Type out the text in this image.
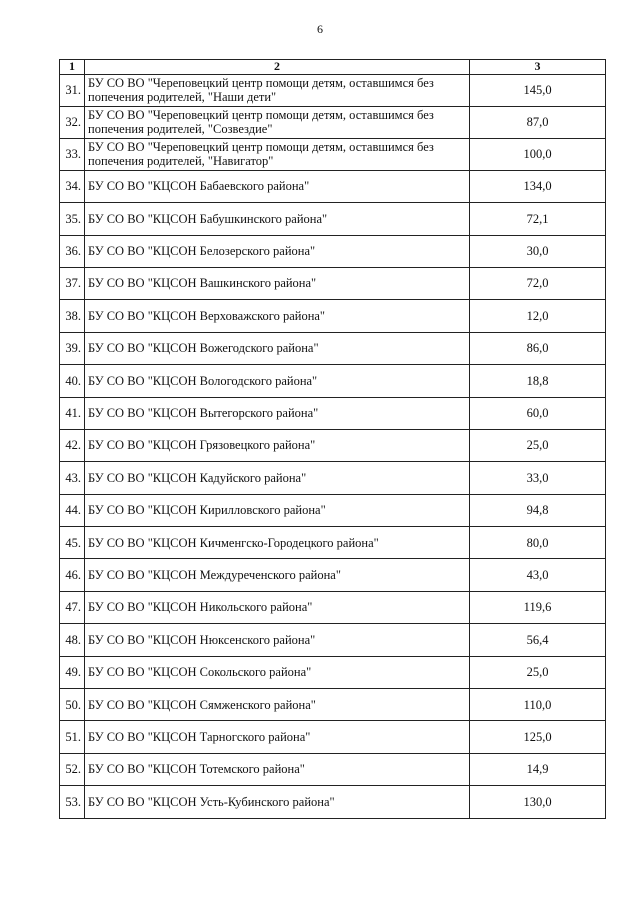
6
1	2	3
31.	БУ СО ВО "Череповецкий центр помощи детям, оставшимся без попечения родителей, "Наши дети"	145,0
32.	БУ СО ВО "Череповецкий центр помощи детям, оставшимся без попечения родителей, "Созвездие"	87,0
33.	БУ СО ВО "Череповецкий центр помощи детям, оставшимся без попечения родителей, "Навигатор"	100,0
34.	БУ СО ВО "КЦСОН Бабаевского района"	134,0
35.	БУ СО ВО "КЦСОН Бабушкинского района"	72,1
36.	БУ СО ВО "КЦСОН Белозерского района"	30,0
37.	БУ СО ВО "КЦСОН Вашкинского района"	72,0
38.	БУ СО ВО "КЦСОН Верховажского района"	12,0
39.	БУ СО ВО "КЦСОН Вожегодского района"	86,0
40.	БУ СО ВО "КЦСОН Вологодского района"	18,8
41.	БУ СО ВО "КЦСОН Вытегорского района"	60,0
42.	БУ СО ВО "КЦСОН Грязовецкого района"	25,0
43.	БУ СО ВО "КЦСОН Кадуйского района"	33,0
44.	БУ СО ВО "КЦСОН Кирилловского района"	94,8
45.	БУ СО ВО "КЦСОН Кичменгско-Городецкого района"	80,0
46.	БУ СО ВО "КЦСОН Междуреченского района"	43,0
47.	БУ СО ВО "КЦСОН Никольского района"	119,6
48.	БУ СО ВО "КЦСОН Нюксенского района"	56,4
49.	БУ СО ВО "КЦСОН Сокольского района"	25,0
50.	БУ СО ВО "КЦСОН Сямженского района"	110,0
51.	БУ СО ВО "КЦСОН Тарногского района"	125,0
52.	БУ СО ВО "КЦСОН Тотемского района"	14,9
53.	БУ СО ВО "КЦСОН Усть-Кубинского района"	130,0
